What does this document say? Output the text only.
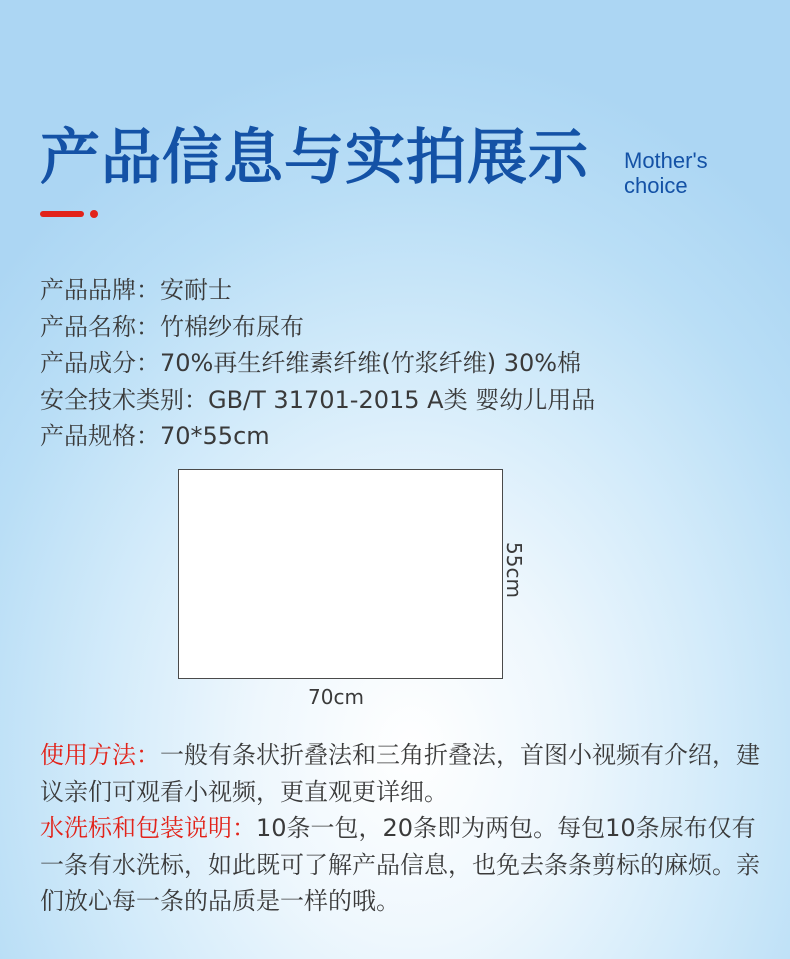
产品信息与实拍展示 Mother's
choice
产品品牌：安耐士
产品名称：竹棉纱布尿布
产品成分：70%再生纤维素纤维(竹浆纤维) 30%棉
安全技术类别：GB/T 31701-2015 A类 婴幼儿用品
产品规格：70*55cm
55cm
70cm

使用方法：一般有条状折叠法和三角折叠法，首图小视频有介绍，建议亲们可观看小视频，更直观更详细。
水洗标和包装说明：10条一包，20条即为两包。每包10条尿布仅有一条有水洗标，如此既可了解产品信息，也免去条条剪标的麻烦。亲们放心每一条的品质是一样的哦。
